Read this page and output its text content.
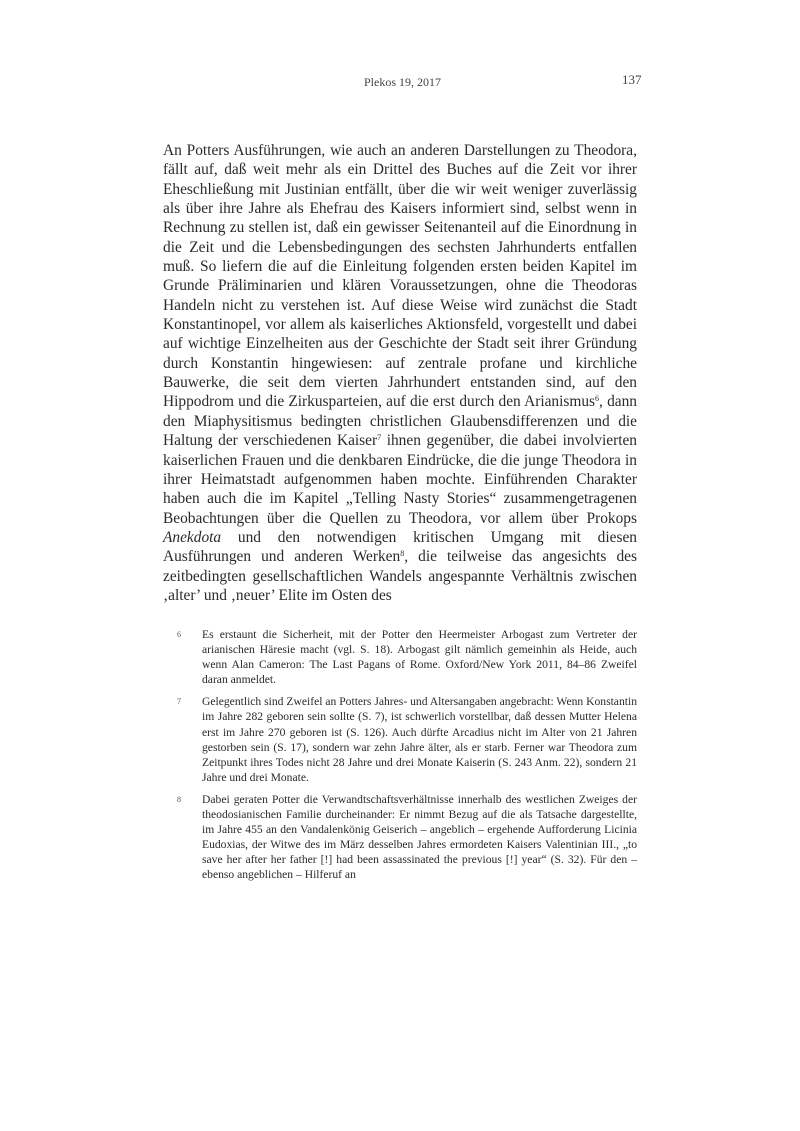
Plekos 19, 2017	137

An Potters Ausführungen, wie auch an anderen Darstellungen zu Theodora, fällt auf, daß weit mehr als ein Drittel des Buches auf die Zeit vor ihrer Eheschließung mit Justinian entfällt, über die wir weit weniger zuverlässig als über ihre Jahre als Ehefrau des Kaisers informiert sind, selbst wenn in Rechnung zu stellen ist, daß ein gewisser Seitenanteil auf die Einordnung in die Zeit und die Lebensbedingungen des sechsten Jahrhunderts entfallen muß. So liefern die auf die Einleitung folgenden ersten beiden Kapitel im Grunde Präliminarien und klären Voraussetzungen, ohne die Theodoras Handeln nicht zu verstehen ist. Auf diese Weise wird zunächst die Stadt Konstantinopel, vor allem als kaiserliches Aktionsfeld, vorgestellt und dabei auf wichtige Einzelheiten aus der Geschichte der Stadt seit ihrer Gründung durch Konstantin hingewiesen: auf zentrale profane und kirchliche Bauwerke, die seit dem vierten Jahrhundert entstanden sind, auf den Hippodrom und die Zirkusparteien, auf die erst durch den Arianismus$^6$, dann den Miaphysitismus bedingten christlichen Glaubensdifferenzen und die Haltung der verschiedenen Kaiser$^7$ ihnen gegenüber, die dabei involvierten kaiserlichen Frauen und die denkbaren Eindrücke, die die junge Theodora in ihrer Heimatstadt aufgenommen haben mochte. Einführenden Charakter haben auch die im Kapitel „Telling Nasty Stories“ zusammengetragenen Beobachtungen über die Quellen zu Theodora, vor allem über Prokops Anekdota und den notwendigen kritischen Umgang mit diesen Ausführungen und anderen Werken$^8$, die teilweise das angesichts des zeitbedingten gesellschaftlichen Wandels angespannte Verhältnis zwischen ‚alter’ und ‚neuer’ Elite im Osten des

6 Es erstaunt die Sicherheit, mit der Potter den Heermeister Arbogast zum Vertreter der arianischen Häresie macht (vgl. S. 18). Arbogast gilt nämlich gemeinhin als Heide, auch wenn Alan Cameron: The Last Pagans of Rome. Oxford/New York 2011, 84–86 Zweifel daran anmeldet.
7 Gelegentlich sind Zweifel an Potters Jahres- und Altersangaben angebracht: Wenn Konstantin im Jahre 282 geboren sein sollte (S. 7), ist schwerlich vorstellbar, daß dessen Mutter Helena erst im Jahre 270 geboren ist (S. 126). Auch dürfte Arcadius nicht im Alter von 21 Jahren gestorben sein (S. 17), sondern war zehn Jahre älter, als er starb. Ferner war Theodora zum Zeitpunkt ihres Todes nicht 28 Jahre und drei Monate Kaiserin (S. 243 Anm. 22), sondern 21 Jahre und drei Monate.
8 Dabei geraten Potter die Verwandtschaftsverhältnisse innerhalb des westlichen Zweiges der theodosianischen Familie durcheinander: Er nimmt Bezug auf die als Tatsache dargestellte, im Jahre 455 an den Vandalenkönig Geiserich – angeblich – ergehende Aufforderung Licinia Eudoxias, der Witwe des im März desselben Jahres ermordeten Kaisers Valentinian III., „to save her after her father [!] had been assassinated the previous [!] year“ (S. 32). Für den – ebenso angeblichen – Hilferuf an
